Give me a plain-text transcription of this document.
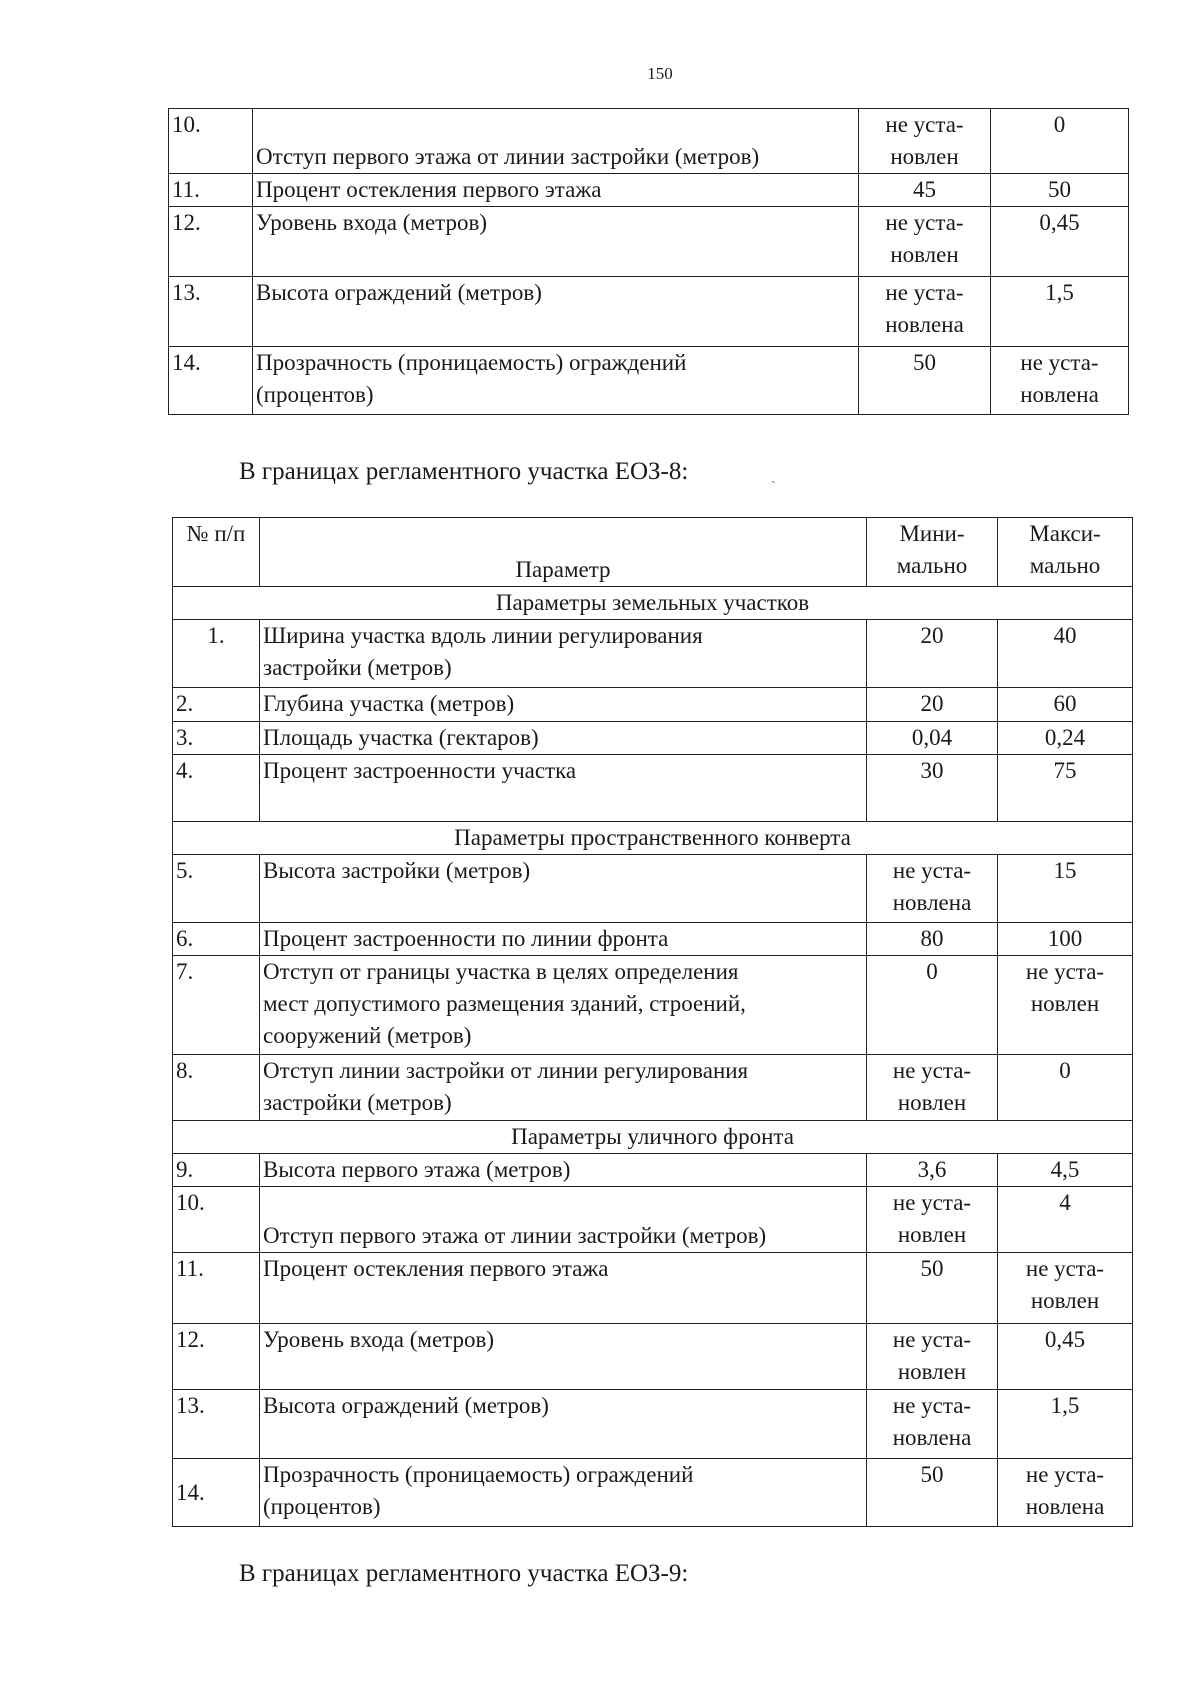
150
10.	Отступ первого этажа от линии застройки (метров)	не уста-
новлен	0
11.	Процент остекления первого этажа	45	50
12.	Уровень входа (метров)	не уста-
новлен	0,45
13.	Высота ограждений (метров)	не уста-
новлена	1,5
14.	Прозрачность (проницаемость) ограждений
(процентов)	50	не уста-
новлена
В границах регламентного участка ЕОЗ-8:	ˏ
№ п/п	Параметр	Мини-
мально	Макси-
мально
Параметры земельных участков			
1.	Ширина участка вдоль линии регулирования
застройки (метров)	20	40
2.	Глубина участка (метров)	20	60
3.	Площадь участка (гектаров)	0,04	0,24
4.	Процент застроенности участка	30	75
Параметры пространственного конверта			
5.	Высота застройки (метров)	не уста-
новлена	15
6.	Процент застроенности по линии фронта	80	100
7.	Отступ от границы участка в целях определения
мест допустимого размещения зданий, строений,
сооружений (метров)	0	не уста-
новлен
8.	Отступ линии застройки от линии регулирования
застройки (метров)	не уста-
новлен	0
Параметры уличного фронта			
9.	Высота первого этажа (метров)	3,6	4,5
10.	Отступ первого этажа от линии застройки (метров)	не уста-
новлен	4
11.	Процент остекления первого этажа	50	не уста-
новлен
12.	Уровень входа (метров)	не уста-
новлен	0,45
13.	Высота ограждений (метров)	не уста-
новлена	1,5
14.	Прозрачность (проницаемость) ограждений
(процентов)	50	не уста-
новлена
В границах регламентного участка ЕОЗ-9:
